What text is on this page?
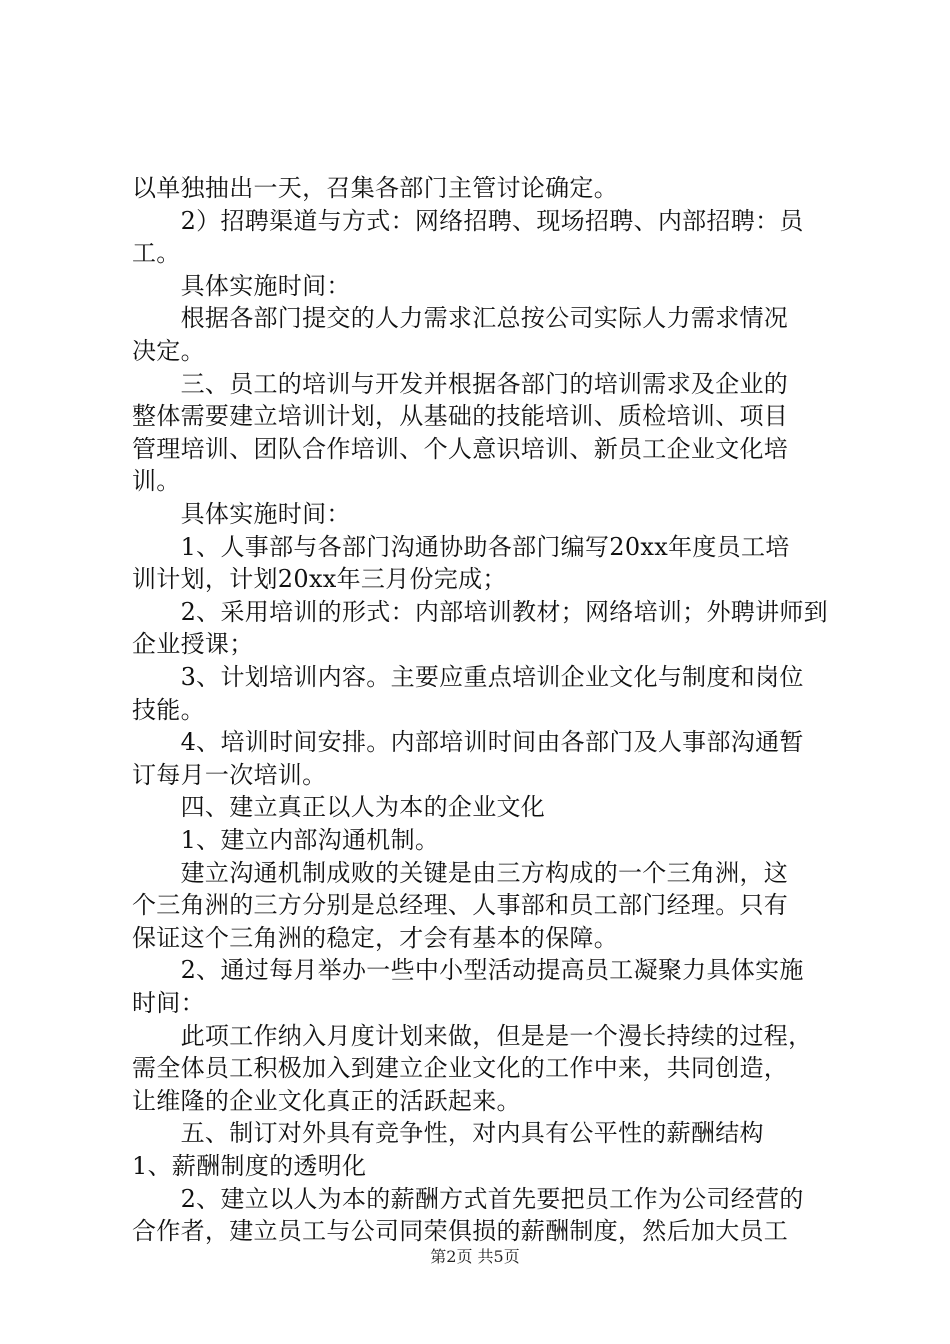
以单独抽出一天，召集各部门主管讨论确定。
　　2）招聘渠道与方式：网络招聘、现场招聘、内部招聘：员
工。
　　具体实施时间：
　　根据各部门提交的人力需求汇总按公司实际人力需求情况
决定。
　　三、员工的培训与开发并根据各部门的培训需求及企业的
整体需要建立培训计划，从基础的技能培训、质检培训、项目
管理培训、团队合作培训、个人意识培训、新员工企业文化培
训。
　　具体实施时间：
　　1、人事部与各部门沟通协助各部门编写20xx年度员工培
训计划，计划20xx年三月份完成；
　　2、采用培训的形式：内部培训教材；网络培训；外聘讲师到
企业授课；
　　3、计划培训内容。主要应重点培训企业文化与制度和岗位
技能。
　　4、培训时间安排。内部培训时间由各部门及人事部沟通暂
订每月一次培训。
　　四、建立真正以人为本的企业文化
　　1、建立内部沟通机制。
　　建立沟通机制成败的关键是由三方构成的一个三角洲，这
个三角洲的三方分别是总经理、人事部和员工部门经理。只有
保证这个三角洲的稳定，才会有基本的保障。
　　2、通过每月举办一些中小型活动提高员工凝聚力具体实施
时间：
　　此项工作纳入月度计划来做，但是是一个漫长持续的过程，
需全体员工积极加入到建立企业文化的工作中来，共同创造，
让维隆的企业文化真正的活跃起来。
　　五、制订对外具有竞争性，对内具有公平性的薪酬结构
1、薪酬制度的透明化
　　2、建立以人为本的薪酬方式首先要把员工作为公司经营的
合作者，建立员工与公司同荣俱损的薪酬制度，然后加大员工
第2页 共5页
